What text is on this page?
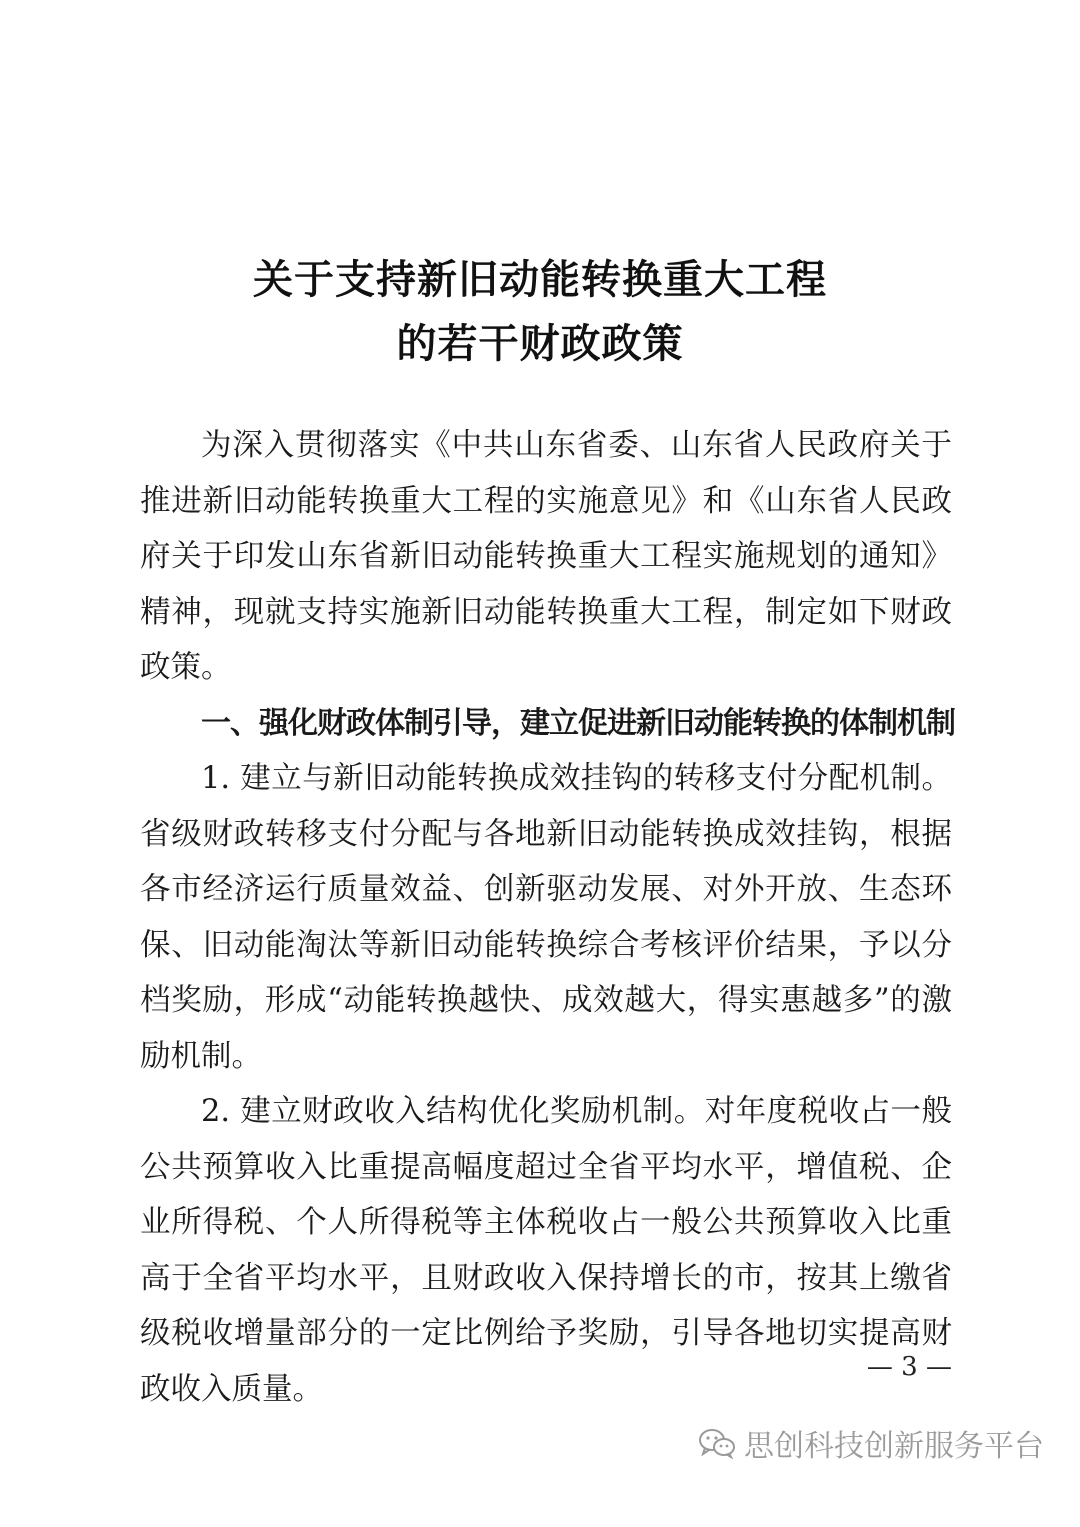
关于支持新旧动能转换重大工程
的若干财政政策

为深入贯彻落实《中共山东省委、山东省人民政府关于推进新旧动能转换重大工程的实施意见》和《山东省人民政府关于印发山东省新旧动能转换重大工程实施规划的通知》精神，现就支持实施新旧动能转换重大工程，制定如下财政政策。

一、强化财政体制引导，建立促进新旧动能转换的体制机制

1. 建立与新旧动能转换成效挂钩的转移支付分配机制。省级财政转移支付分配与各地新旧动能转换成效挂钩，根据各市经济运行质量效益、创新驱动发展、对外开放、生态环保、旧动能淘汰等新旧动能转换综合考核评价结果，予以分档奖励，形成“动能转换越快、成效越大，得实惠越多”的激励机制。

2. 建立财政收入结构优化奖励机制。对年度税收占一般公共预算收入比重提高幅度超过全省平均水平，增值税、企业所得税、个人所得税等主体税收占一般公共预算收入比重高于全省平均水平，且财政收入保持增长的市，按其上缴省级税收增量部分的一定比例给予奖励，引导各地切实提高财政收入质量。

— 3 —
思创科技创新服务平台
